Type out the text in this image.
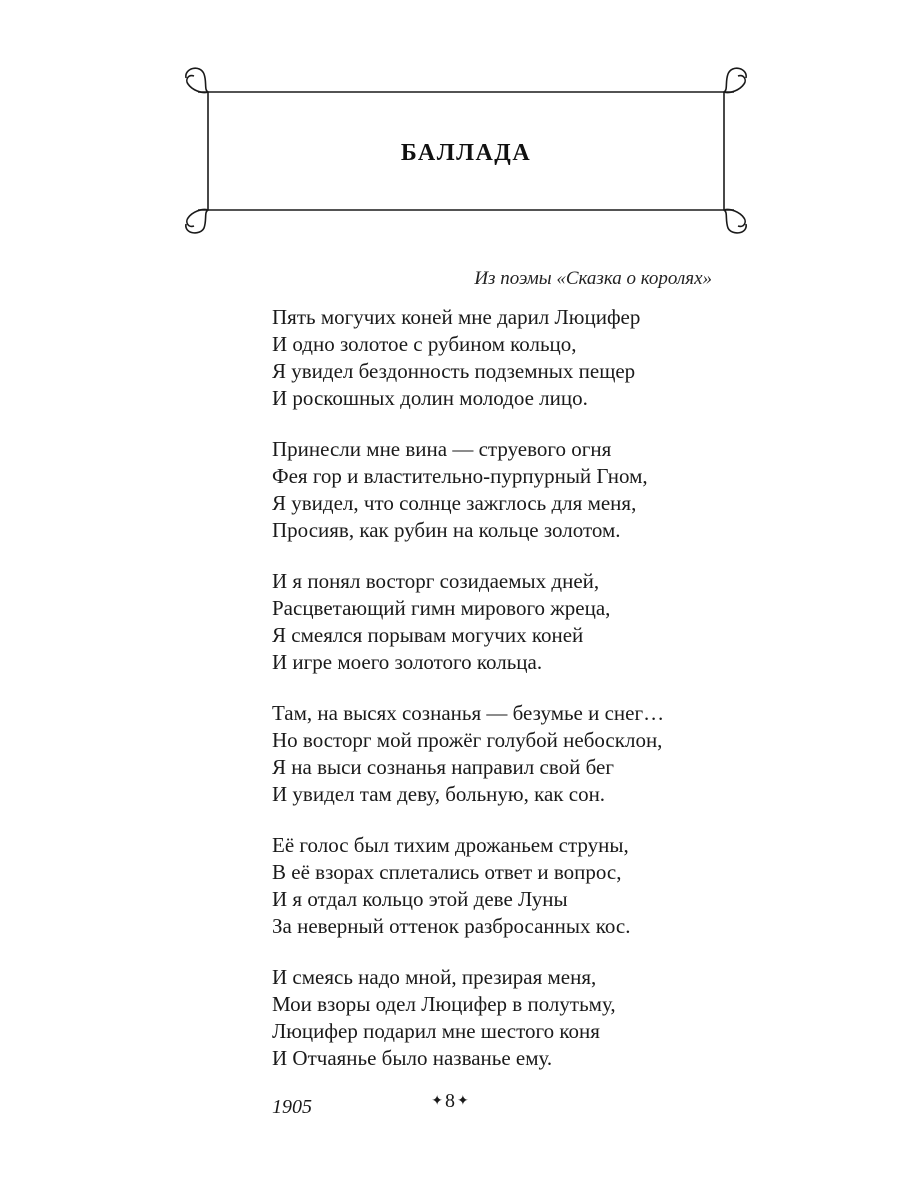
БАЛЛАДА
Из поэмы «Сказка о королях»
Пять могучих коней мне дарил Люцифер
И одно золотое с рубином кольцо,
Я увидел бездонность подземных пещер
И роскошных долин молодое лицо.
Принесли мне вина — струевого огня
Фея гор и властительно-пурпурный Гном,
Я увидел, что солнце зажглось для меня,
Просияв, как рубин на кольце золотом.
И я понял восторг созидаемых дней,
Расцветающий гимн мирового жреца,
Я смеялся порывам могучих коней
И игре моего золотого кольца.
Там, на высях сознанья — безумье и снег…
Но восторг мой прожёг голубой небосклон,
Я на выси сознанья направил свой бег
И увидел там деву, больную, как сон.
Её голос был тихим дрожаньем струны,
В её взорах сплетались ответ и вопрос,
И я отдал кольцо этой деве Луны
За неверный оттенок разбросанных кос.
И смеясь надо мной, презирая меня,
Мои взоры одел Люцифер в полутьму,
Люцифер подарил мне шестого коня
И Отчаянье было названье ему.
1905	✦ 8 ✦
